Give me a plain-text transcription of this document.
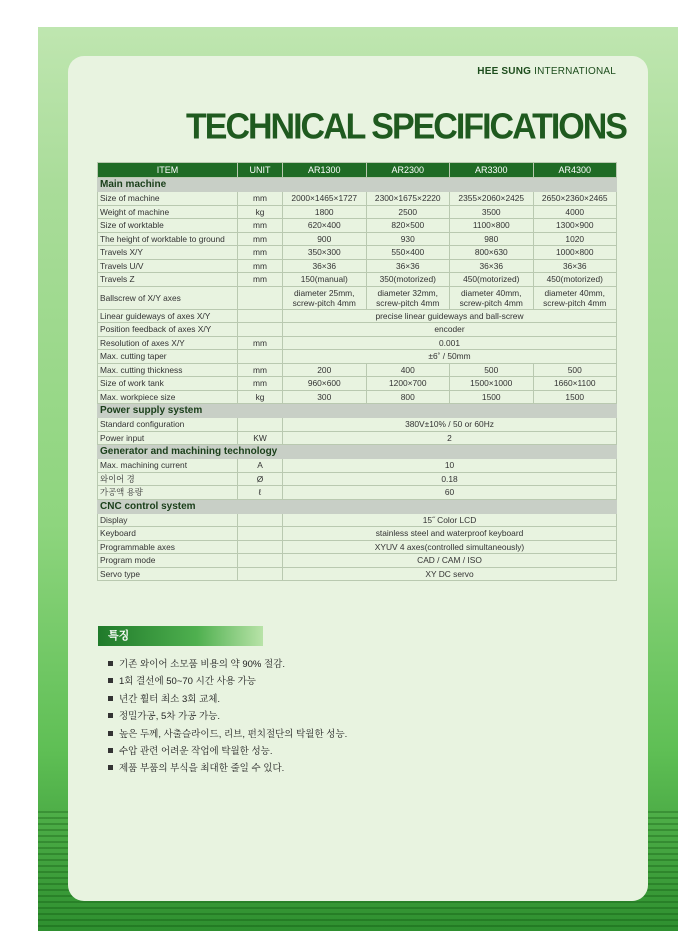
HEE SUNG INTERNATIONAL
TECHNICAL SPECIFICATIONS
ITEM	UNIT	AR1300	AR2300	AR3300	AR4300
Main machine					
Size of machine	mm	2000×1465×1727	2300×1675×2220	2355×2060×2425	2650×2360×2465
Weight of machine	kg	1800	2500	3500	4000
Size of worktable	mm	620×400	820×500	1100×800	1300×900
The height of worktable to ground	mm	900	930	980	1020
Travels X/Y	mm	350×300	550×400	800×630	1000×800
Travels U/V	mm	36×36	36×36	36×36	36×36
Travels Z	mm	150(manual)	350(motorized)	450(motorized)	450(motorized)
Ballscrew of X/Y axes		diameter 25mm, screw-pitch 4mm	diameter 32mm, screw-pitch 4mm	diameter 40mm, screw-pitch 4mm	diameter 40mm, screw-pitch 4mm
Linear guideways of axes X/Y		precise linear guideways and ball-screw			
Position feedback of axes X/Y		encoder			
Resolution of axes X/Y	mm	0.001			
Max. cutting taper		±6˚ / 50mm			
Max. cutting thickness	mm	200	400	500	500
Size of work tank	mm	960×600	1200×700	1500×1000	1660×1100
Max. workpiece size	kg	300	800	1500	1500
Power supply system					
Standard configuration		380V±10% / 50 or 60Hz			
Power input	KW	2			
Generator and machining technology					
Max. machining current	A	10			
와이어 경	Ø	0.18			
가공액 용량	ℓ	60			
CNC control system					
Display		15˝ Color LCD			
Keyboard		stainless steel and waterproof keyboard			
Programmable axes		XYUV 4 axes(controlled simultaneously)			
Program mode		CAD / CAM / ISO			
Servo type		XY DC servo			
특징
기존 와이어 소모품 비용의 약 90% 절감.
1회 결선에 50~70 시간 사용 가능
년간 휠터 최소 3회 교체.
정밀가공, 5차 가공 가능.
높은 두께, 사출슬라이드, 리브, 펀치절단의 탁월한 성능.
수압 관련 어려운 작업에 탁월한 성능.
제품 부품의 부식을 최대한 줄일 수 있다.
